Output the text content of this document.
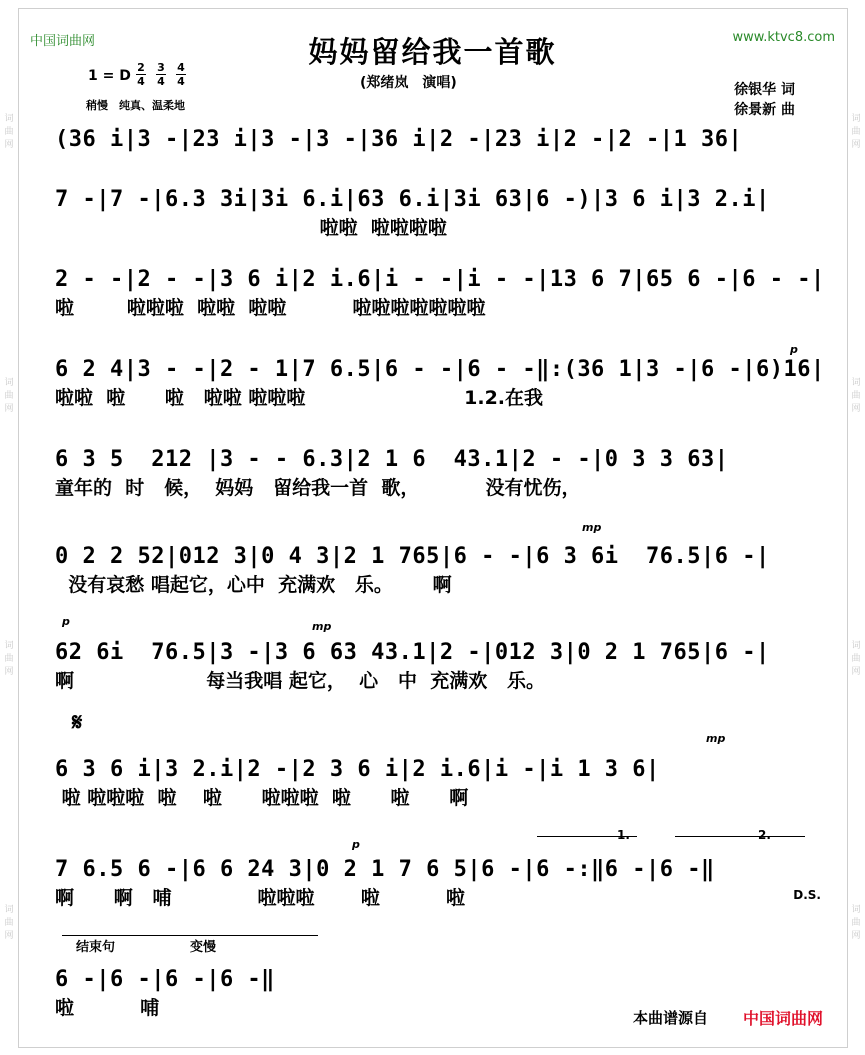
词
曲
网
词
曲
网
词
曲
网
词
曲
网
词
曲
网
词
曲
网
词
曲
网
词
曲
网
中国词曲网	www.ktvc8.com
妈妈留给我一首歌
(郑绪岚　演唱)
1 = D $\frac{2}{4} \frac{3}{4} \frac{4}{4}$
稍慢　纯真、温柔地
徐银华 词
徐景新 曲
(36 i|3 -|23 i|3 -|3 -|36 i|2 -|23 i|2 -|2 -|1 36|
7 -|7 -|6.3 3i|3i 6.i|63 6.i|3i 63|6 -)|3 6 i|3 2.i|
啦啦  啦啦啦啦
2 - -|2 - -|3 6 i|2 i.6|i - -|i - -|13 6 7|65 6 -|6 - -|
啦        啦啦啦  啦啦  啦啦          啦啦啦啦啦啦啦
p
6 2 4|3 - -|2 - 1|7 6.5|6 - -|6 - -‖:(36 1|3 -|6 -|6)16|
啦啦  啦      啦   啦啦 啦啦啦                        1.2.在我
6 3 5  212 |3 - - 6.3|2 1 6  43.1|2 - -|0 3 3 63|
童年的  时   候，  妈妈   留给我一首  歌，          没有忧伤，
mp
0 2 2 52|012 3|0 4 3|2 1 765|6 - -|6 3 6i  76.5|6 -|
没有哀愁 唱起它，心中  充满欢   乐。      啊
p	mp
62 6i  76.5|3 -|3 6 63 43.1|2 -|012 3|0 2 1 765|6 -|
啊                    每当我唱 起它，  心   中  充满欢   乐。
𝄋
mp
6 3 6 i|3 2.i|2 -|2 3 6 i|2 i.6|i -|i 1 3 6|
啦 啦啦啦  啦    啦      啦啦啦  啦      啦      啊
1.	2.
p
7 6.5 6 -|6 6 24 3|0 2 1 7 6 5|6 -|6 -:‖6 -|6 -‖
啊      啊   哺             啦啦啦       啦          啦	D.S.
结束句	变慢
6 -|6 -|6 -|6 -‖
啦          哺	本曲谱源自 中国词曲网
